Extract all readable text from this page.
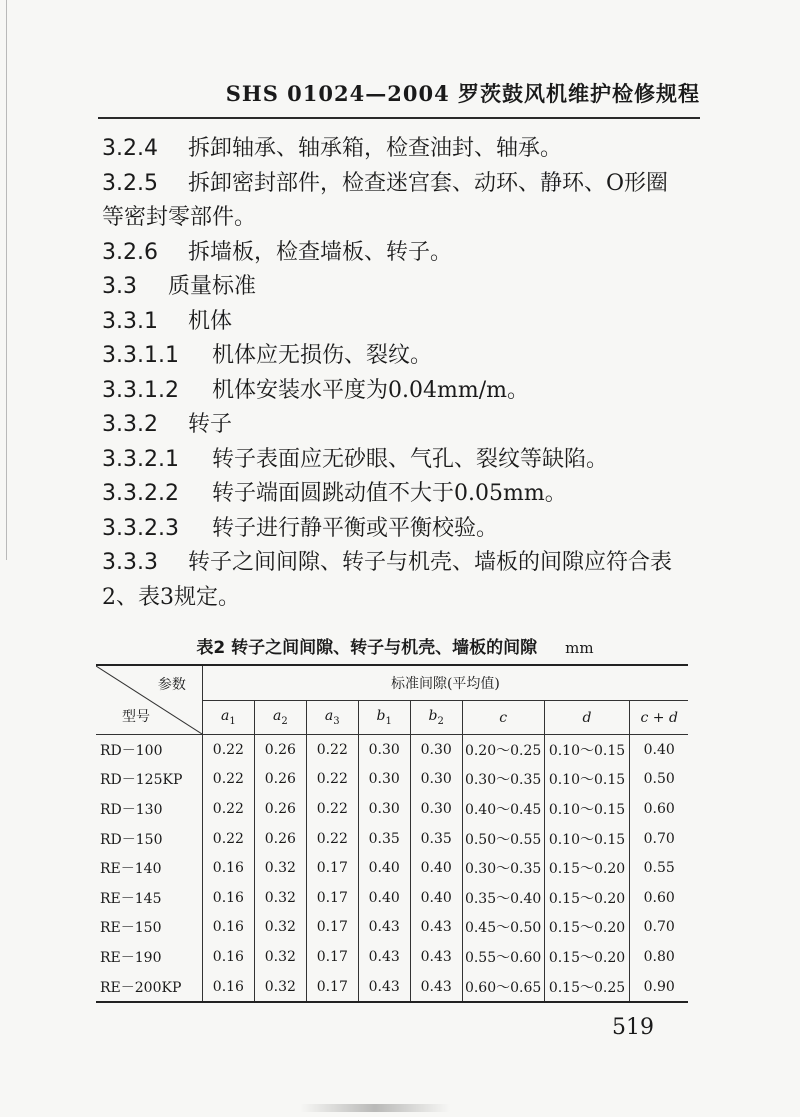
SHS 01024—2004 罗茨鼓风机维护检修规程
3.2.4 拆卸轴承、轴承箱，检查油封、轴承。
3.2.5 拆卸密封部件，检查迷宫套、动环、静环、O形圈
等密封零部件。
3.2.6 拆墙板，检查墙板、转子。
3.3 质量标准
3.3.1 机体
3.3.1.1 机体应无损伤、裂纹。
3.3.1.2 机体安装水平度为0.04mm/m。
3.3.2 转子
3.3.2.1 转子表面应无砂眼、气孔、裂纹等缺陷。
3.3.2.2 转子端面圆跳动值不大于0.05mm。
3.3.2.3 转子进行静平衡或平衡校验。
3.3.3 转子之间间隙、转子与机壳、墙板的间隙应符合表
2、表3规定。
表2 转子之间间隙、转子与机壳、墙板的间隙 mm
参数
型号	标准间隙(平均值)							
	$a_1$	$a_2$	$a_3$	$b_1$	$b_2$	c	d	c + d
RD－100	0.22	0.26	0.22	0.30	0.30	0.20～0.25	0.10～0.15	0.40
RD－125KP	0.22	0.26	0.22	0.30	0.30	0.30～0.35	0.10～0.15	0.50
RD－130	0.22	0.26	0.22	0.30	0.30	0.40～0.45	0.10～0.15	0.60
RD－150	0.22	0.26	0.22	0.35	0.35	0.50～0.55	0.10～0.15	0.70
RE－140	0.16	0.32	0.17	0.40	0.40	0.30～0.35	0.15～0.20	0.55
RE－145	0.16	0.32	0.17	0.40	0.40	0.35～0.40	0.15～0.20	0.60
RE－150	0.16	0.32	0.17	0.43	0.43	0.45～0.50	0.15～0.20	0.70
RE－190	0.16	0.32	0.17	0.43	0.43	0.55～0.60	0.15～0.20	0.80
RE－200KP	0.16	0.32	0.17	0.43	0.43	0.60～0.65	0.15～0.25	0.90
519
